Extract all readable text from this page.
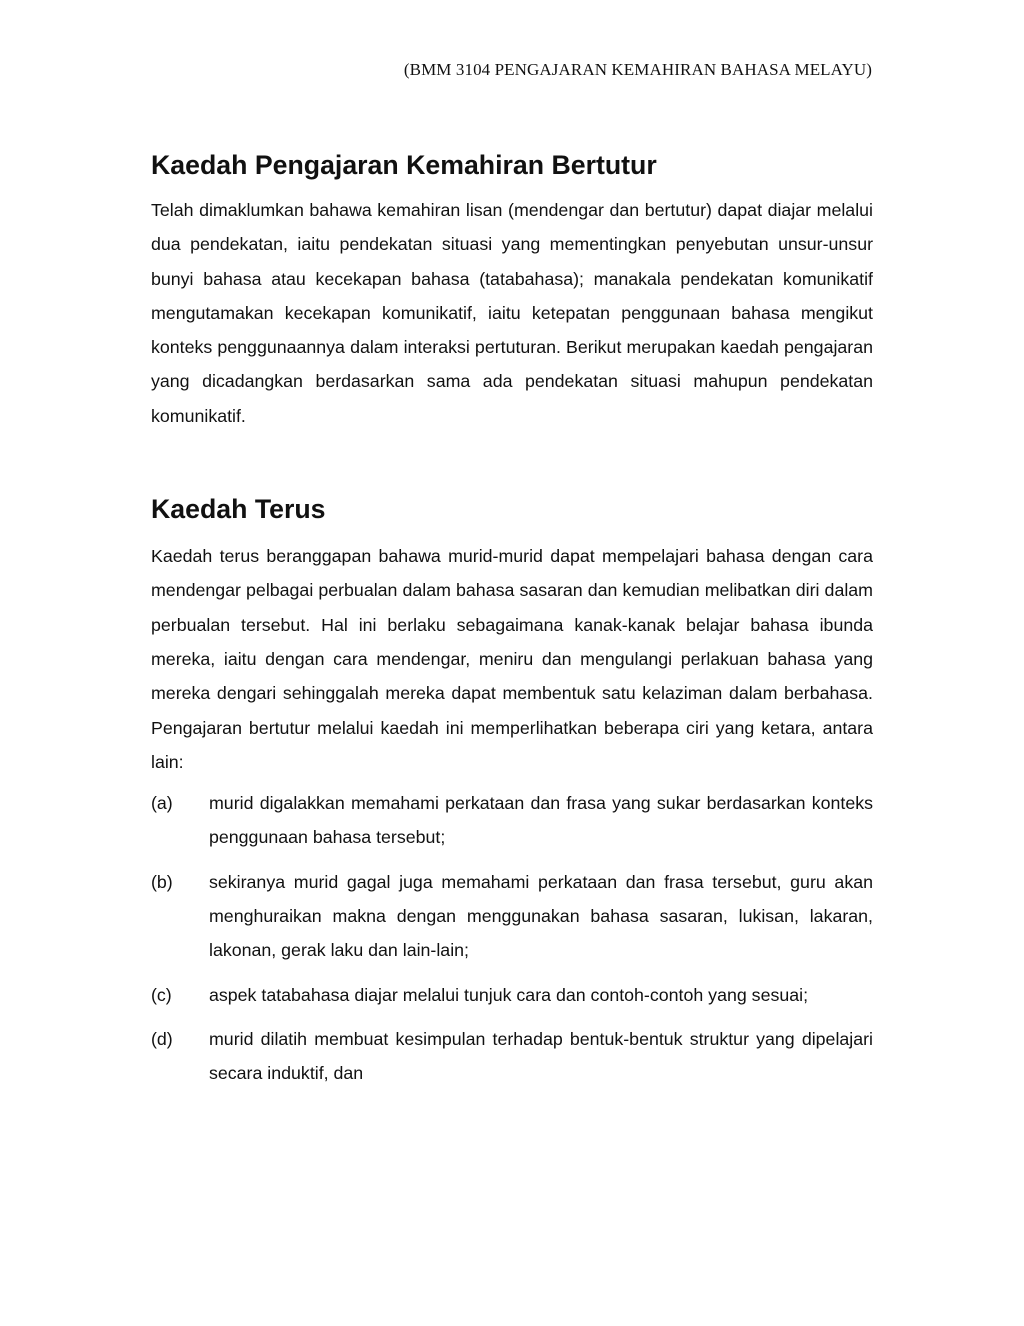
(BMM 3104 PENGAJARAN KEMAHIRAN BAHASA MELAYU)
Kaedah Pengajaran Kemahiran Bertutur

Telah dimaklumkan bahawa kemahiran lisan (mendengar dan bertutur) dapat diajar melalui dua pendekatan, iaitu pendekatan situasi yang mementingkan penyebutan unsur-unsur bunyi bahasa atau kecekapan bahasa (tatabahasa); manakala pendekatan komunikatif mengutamakan kecekapan komunikatif, iaitu ketepatan penggunaan bahasa mengikut konteks penggunaannya dalam interaksi pertuturan. Berikut merupakan kaedah pengajaran yang dicadangkan berdasarkan sama ada pendekatan situasi mahupun pendekatan komunikatif.

Kaedah Terus

Kaedah terus beranggapan bahawa murid-murid dapat mempelajari bahasa dengan cara mendengar pelbagai perbualan dalam bahasa sasaran dan kemudian melibatkan diri dalam perbualan tersebut. Hal ini berlaku sebagaimana kanak-kanak belajar bahasa ibunda mereka, iaitu dengan cara mendengar, meniru dan mengulangi perlakuan bahasa yang mereka dengari sehinggalah mereka dapat membentuk satu kelaziman dalam berbahasa. Pengajaran bertutur melalui kaedah ini memperlihatkan beberapa ciri yang ketara, antara lain:

(a) murid digalakkan memahami perkataan dan frasa yang sukar berdasarkan konteks penggunaan bahasa tersebut;
(b) sekiranya murid gagal juga memahami perkataan dan frasa tersebut, guru akan menghuraikan makna dengan menggunakan bahasa sasaran, lukisan, lakaran, lakonan, gerak laku dan lain-lain;
(c) aspek tatabahasa diajar melalui tunjuk cara dan contoh-contoh yang sesuai;
(d) murid dilatih membuat kesimpulan terhadap bentuk-bentuk struktur yang dipelajari secara induktif, dan
